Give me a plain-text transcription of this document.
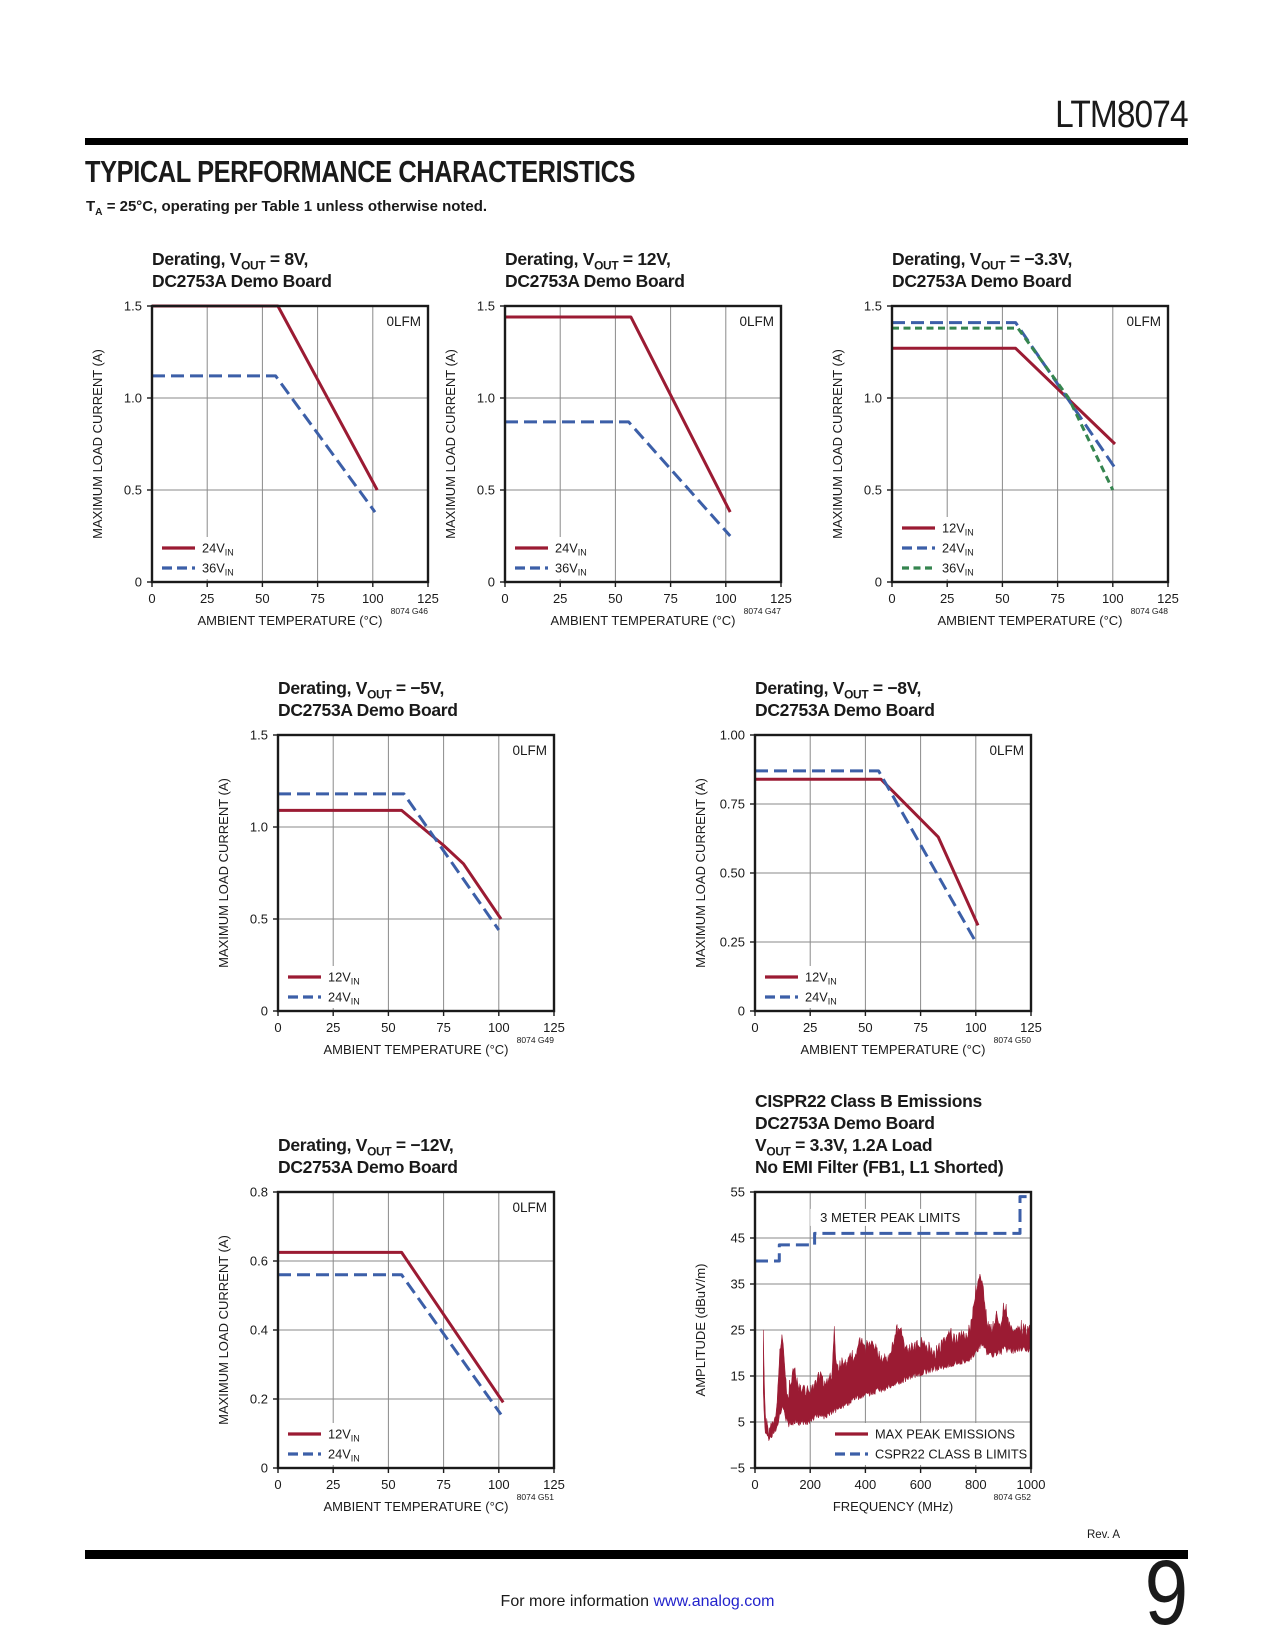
LTM8074
TYPICAL PERFORMANCE CHARACTERISTICS
$T_A = 25^\circ C$, operating per Table 1 unless otherwise noted.
Derating, $V_{OUT} = 8V$,
DC2753A Demo Board
0LFM
$24V_{IN}$
$36V_{IN}$
0	25	50	75	100	125
0
0.5
1.0
1.5
AMBIENT TEMPERATURE (°C)
MAXIMUM LOAD CURRENT (A)
8074 G46
Derating, $V_{OUT} = 12V$,
DC2753A Demo Board
0LFM
$24V_{IN}$
$36V_{IN}$
0	25	50	75	100	125
0
0.5
1.0
1.5
AMBIENT TEMPERATURE (°C)
MAXIMUM LOAD CURRENT (A)
8074 G47
Derating, $V_{OUT} = -3.3V$,
DC2753A Demo Board
0LFM
$12V_{IN}$
$24V_{IN}$
$36V_{IN}$
0	25	50	75	100	125
0
0.5
1.0
1.5
AMBIENT TEMPERATURE (°C)
MAXIMUM LOAD CURRENT (A)
8074 G48
Derating, $V_{OUT} = -5V$,
DC2753A Demo Board
0LFM
$12V_{IN}$
$24V_{IN}$
0	25	50	75	100	125
0
0.5
1.0
1.5
AMBIENT TEMPERATURE (°C)
MAXIMUM LOAD CURRENT (A)
8074 G49
Derating, $V_{OUT} = -8V$,
DC2753A Demo Board
0LFM
$12V_{IN}$
$24V_{IN}$
0	25	50	75	100	125
0
0.25
0.50
0.75
1.00
AMBIENT TEMPERATURE (°C)
MAXIMUM LOAD CURRENT (A)
8074 G50
Derating, $V_{OUT} = -12V$,
DC2753A Demo Board
0LFM
$12V_{IN}$
$24V_{IN}$
0	25	50	75	100	125
0
0.2
0.4
0.6
0.8
AMBIENT TEMPERATURE (°C)
MAXIMUM LOAD CURRENT (A)
8074 G51
CISPR22 Class B Emissions
DC2753A Demo Board
$V_{OUT} = 3.3V$, 1.2A Load
No EMI Filter (FB1, L1 Shorted)
3 METER PEAK LIMITS
MAX PEAK EMISSIONS
CSPR22 CLASS B LIMITS
0	200	400	600	800 1000
−5
5
15
25
35
45
55
FREQUENCY (MHz)
AMPLITUDE (dBuV/m)
8074 G52
Rev. A
9
For more information www.analog.com
